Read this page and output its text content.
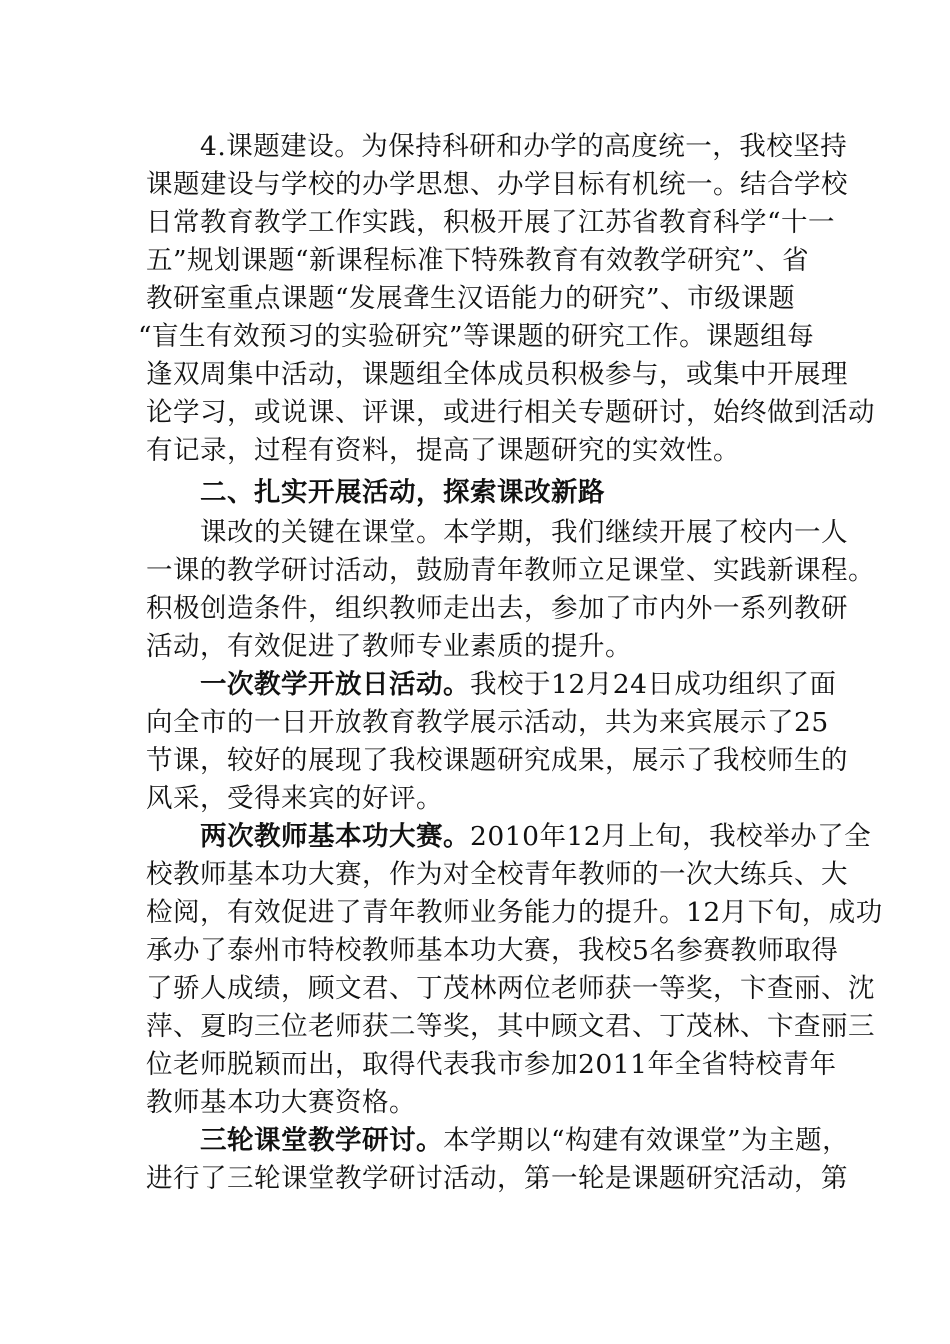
　　4.课题建设。为保持科研和办学的高度统一，我校坚持
课题建设与学校的办学思想、办学目标有机统一。结合学校
日常教育教学工作实践，积极开展了江苏省教育科学“十一
五”规划课题“新课程标准下特殊教育有效教学研究”、省
教研室重点课题“发展聋生汉语能力的研究”、市级课题
“盲生有效预习的实验研究”等课题的研究工作。课题组每
逢双周集中活动，课题组全体成员积极参与，或集中开展理
论学习，或说课、评课，或进行相关专题研讨，始终做到活动
有记录，过程有资料，提高了课题研究的实效性。
　　二、扎实开展活动，探索课改新路
　　课改的关键在课堂。本学期，我们继续开展了校内一人
一课的教学研讨活动，鼓励青年教师立足课堂、实践新课程。
积极创造条件，组织教师走出去，参加了市内外一系列教研
活动，有效促进了教师专业素质的提升。
　　一次教学开放日活动。我校于12月24日成功组织了面
向全市的一日开放教育教学展示活动，共为来宾展示了25
节课，较好的展现了我校课题研究成果，展示了我校师生的
风采，受得来宾的好评。
　　两次教师基本功大赛。2010年12月上旬，我校举办了全
校教师基本功大赛，作为对全校青年教师的一次大练兵、大
检阅，有效促进了青年教师业务能力的提升。12月下旬，成功
承办了泰州市特校教师基本功大赛，我校5名参赛教师取得
了骄人成绩，顾文君、丁茂林两位老师获一等奖，卞查丽、沈
萍、夏昀三位老师获二等奖，其中顾文君、丁茂林、卞查丽三
位老师脱颖而出，取得代表我市参加2011年全省特校青年
教师基本功大赛资格。
　　三轮课堂教学研讨。本学期以“构建有效课堂”为主题，
进行了三轮课堂教学研讨活动，第一轮是课题研究活动，第
